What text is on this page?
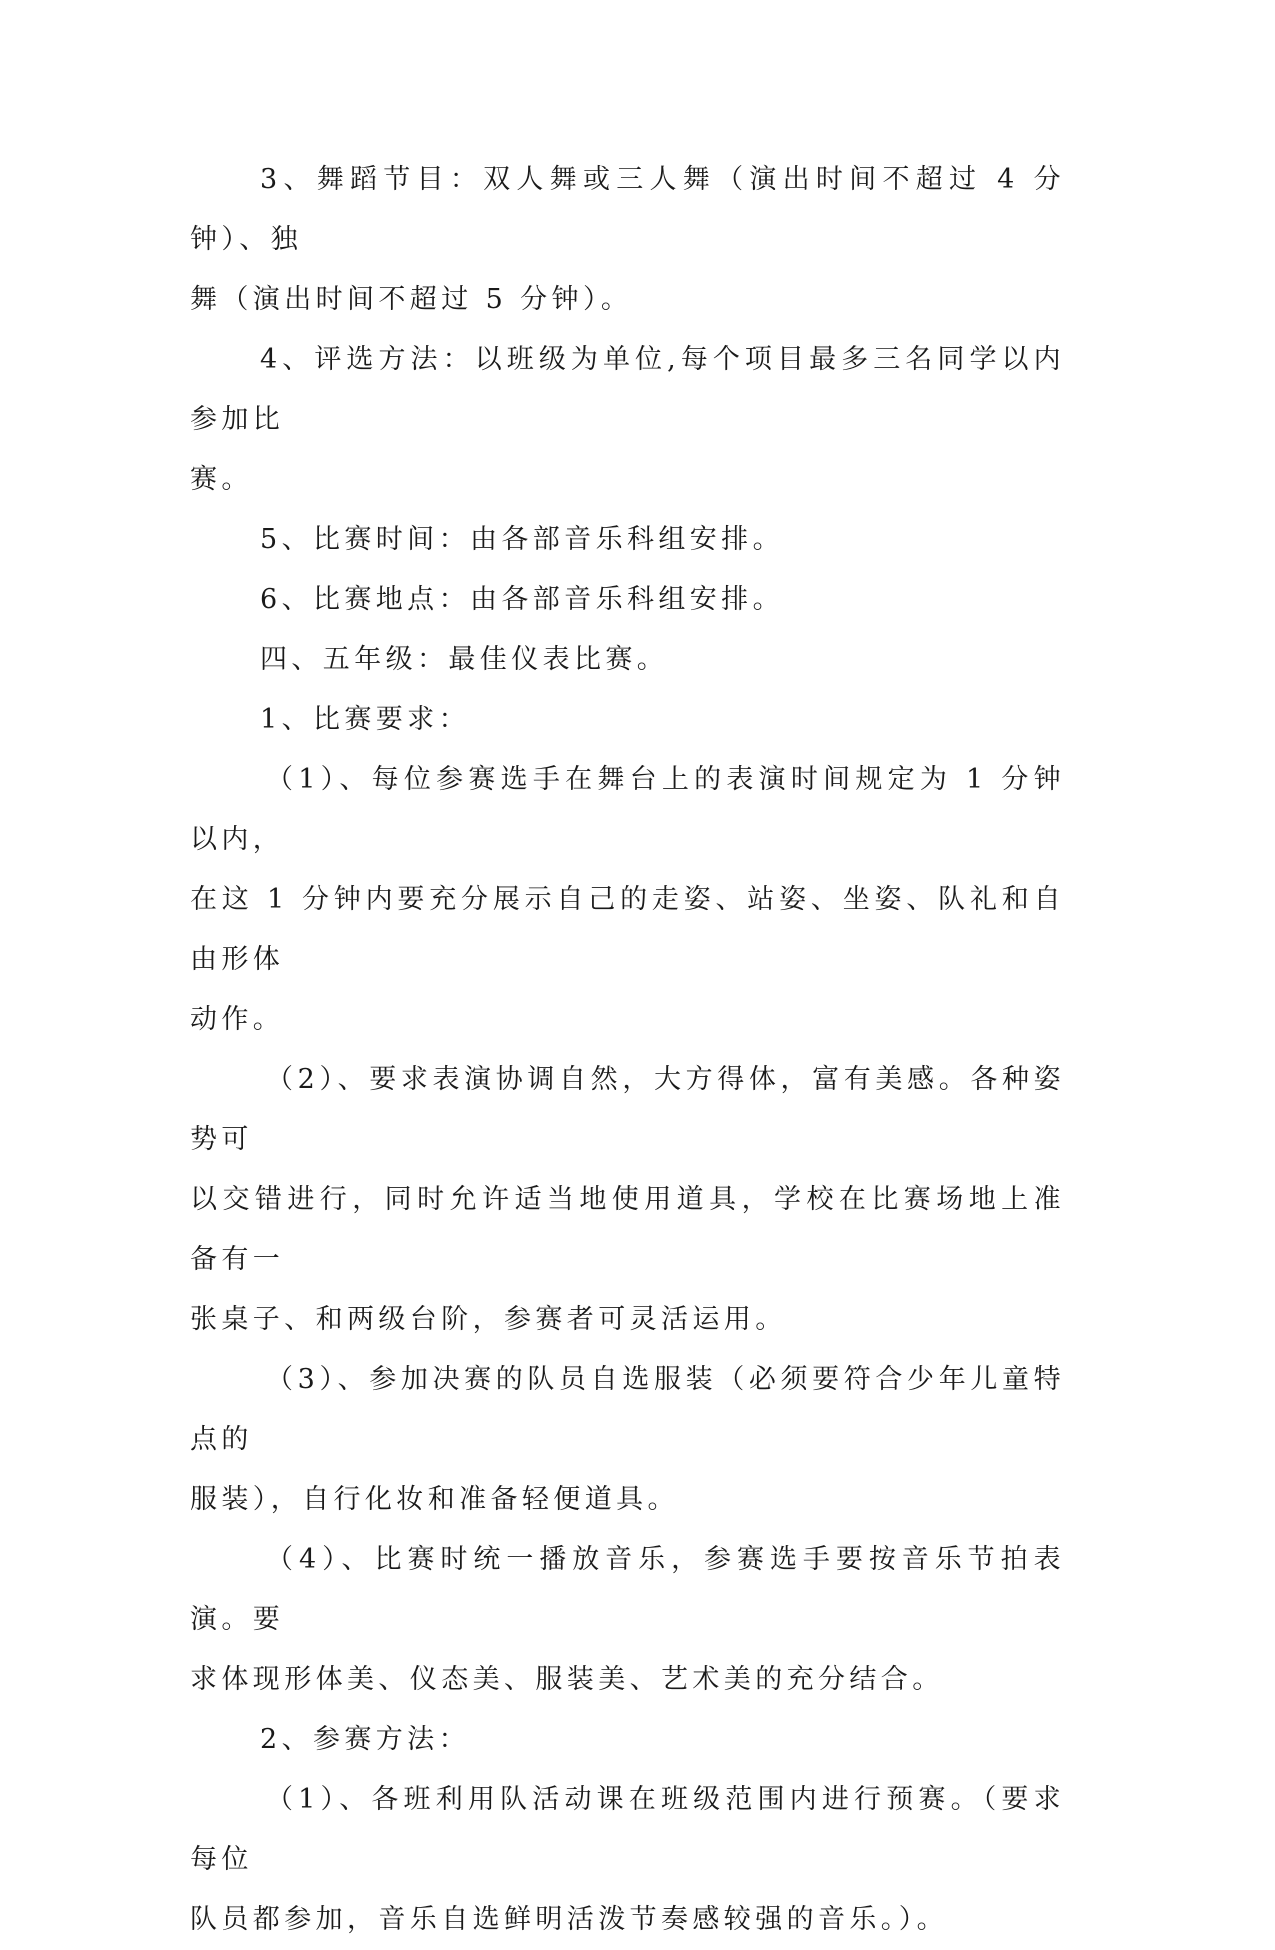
3、舞蹈节目：双人舞或三人舞（演出时间不超过 4 分钟）、独
舞（演出时间不超过 5 分钟）。

4、评选方法：以班级为单位,每个项目最多三名同学以内参加比
赛。

5、比赛时间：由各部音乐科组安排。

6、比赛地点：由各部音乐科组安排。

四、五年级：最佳仪表比赛。

1、比赛要求：

（1）、每位参赛选手在舞台上的表演时间规定为 1 分钟以内，
在这 1 分钟内要充分展示自己的走姿、站姿、坐姿、队礼和自由形体
动作。

（2）、要求表演协调自然，大方得体，富有美感。各种姿势可
以交错进行，同时允许适当地使用道具，学校在比赛场地上准备有一
张桌子、和两级台阶，参赛者可灵活运用。

（3）、参加决赛的队员自选服装（必须要符合少年儿童特点的
服装），自行化妆和准备轻便道具。

（4）、比赛时统一播放音乐，参赛选手要按音乐节拍表演。要
求体现形体美、仪态美、服装美、艺术美的充分结合。

2、参赛方法：

（1）、各班利用队活动课在班级范围内进行预赛。（要求每位
队员都参加，音乐自选鲜明活泼节奏感较强的音乐。）。
